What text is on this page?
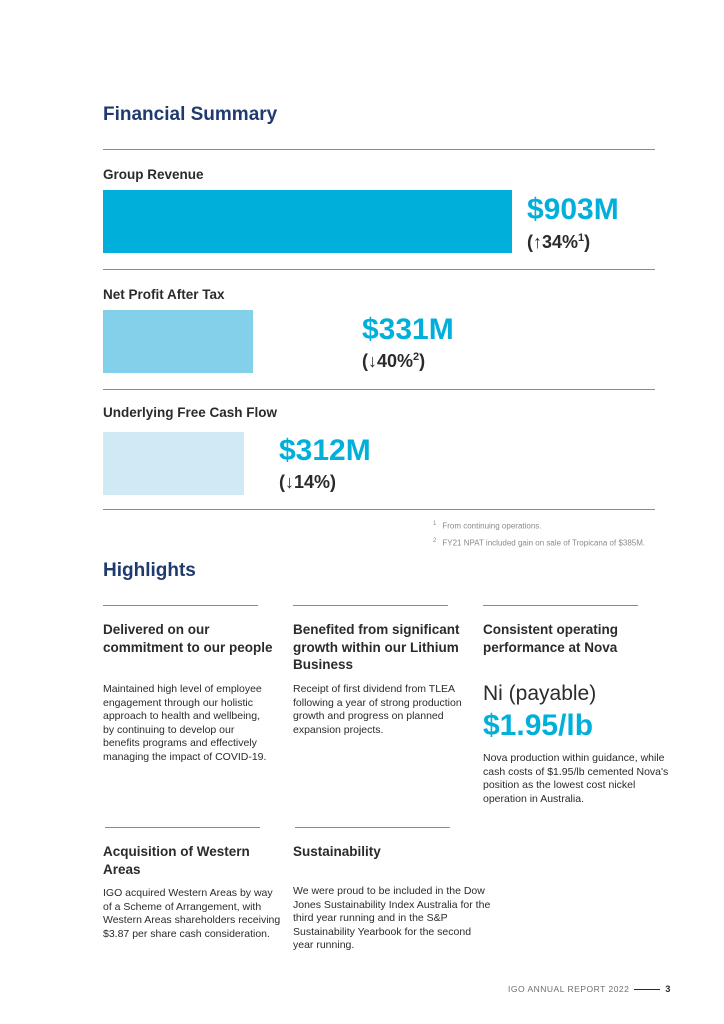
Financial Summary
Group Revenue
$903M
(↑34%$^1$)
Net Profit After Tax
$331M
(↓40%$^2$)
Underlying Free Cash Flow
$312M
(↓14%)
$^1$ From continuing operations.
$^2$ FY21 NPAT included gain on sale of Tropicana of $385M.
Highlights
Delivered on our commitment to our people
Maintained high level of employee engagement through our holistic approach to health and wellbeing, by continuing to develop our benefits programs and effectively managing the impact of COVID-19.
Benefited from significant growth within our Lithium Business
Receipt of first dividend from TLEA following a year of strong production growth and progress on planned expansion projects.
Consistent operating performance at Nova
Ni (payable)
$1.95/lb
Nova production within guidance, while cash costs of $1.95/lb cemented Nova's position as the lowest cost nickel operation in Australia.
Acquisition of Western Areas
IGO acquired Western Areas by way of a Scheme of Arrangement, with Western Areas shareholders receiving $3.87 per share cash consideration.
Sustainability
We were proud to be included in the Dow Jones Sustainability Index Australia for the third year running and in the S&P Sustainability Yearbook for the second year running.
IGO ANNUAL REPORT 2022	3
